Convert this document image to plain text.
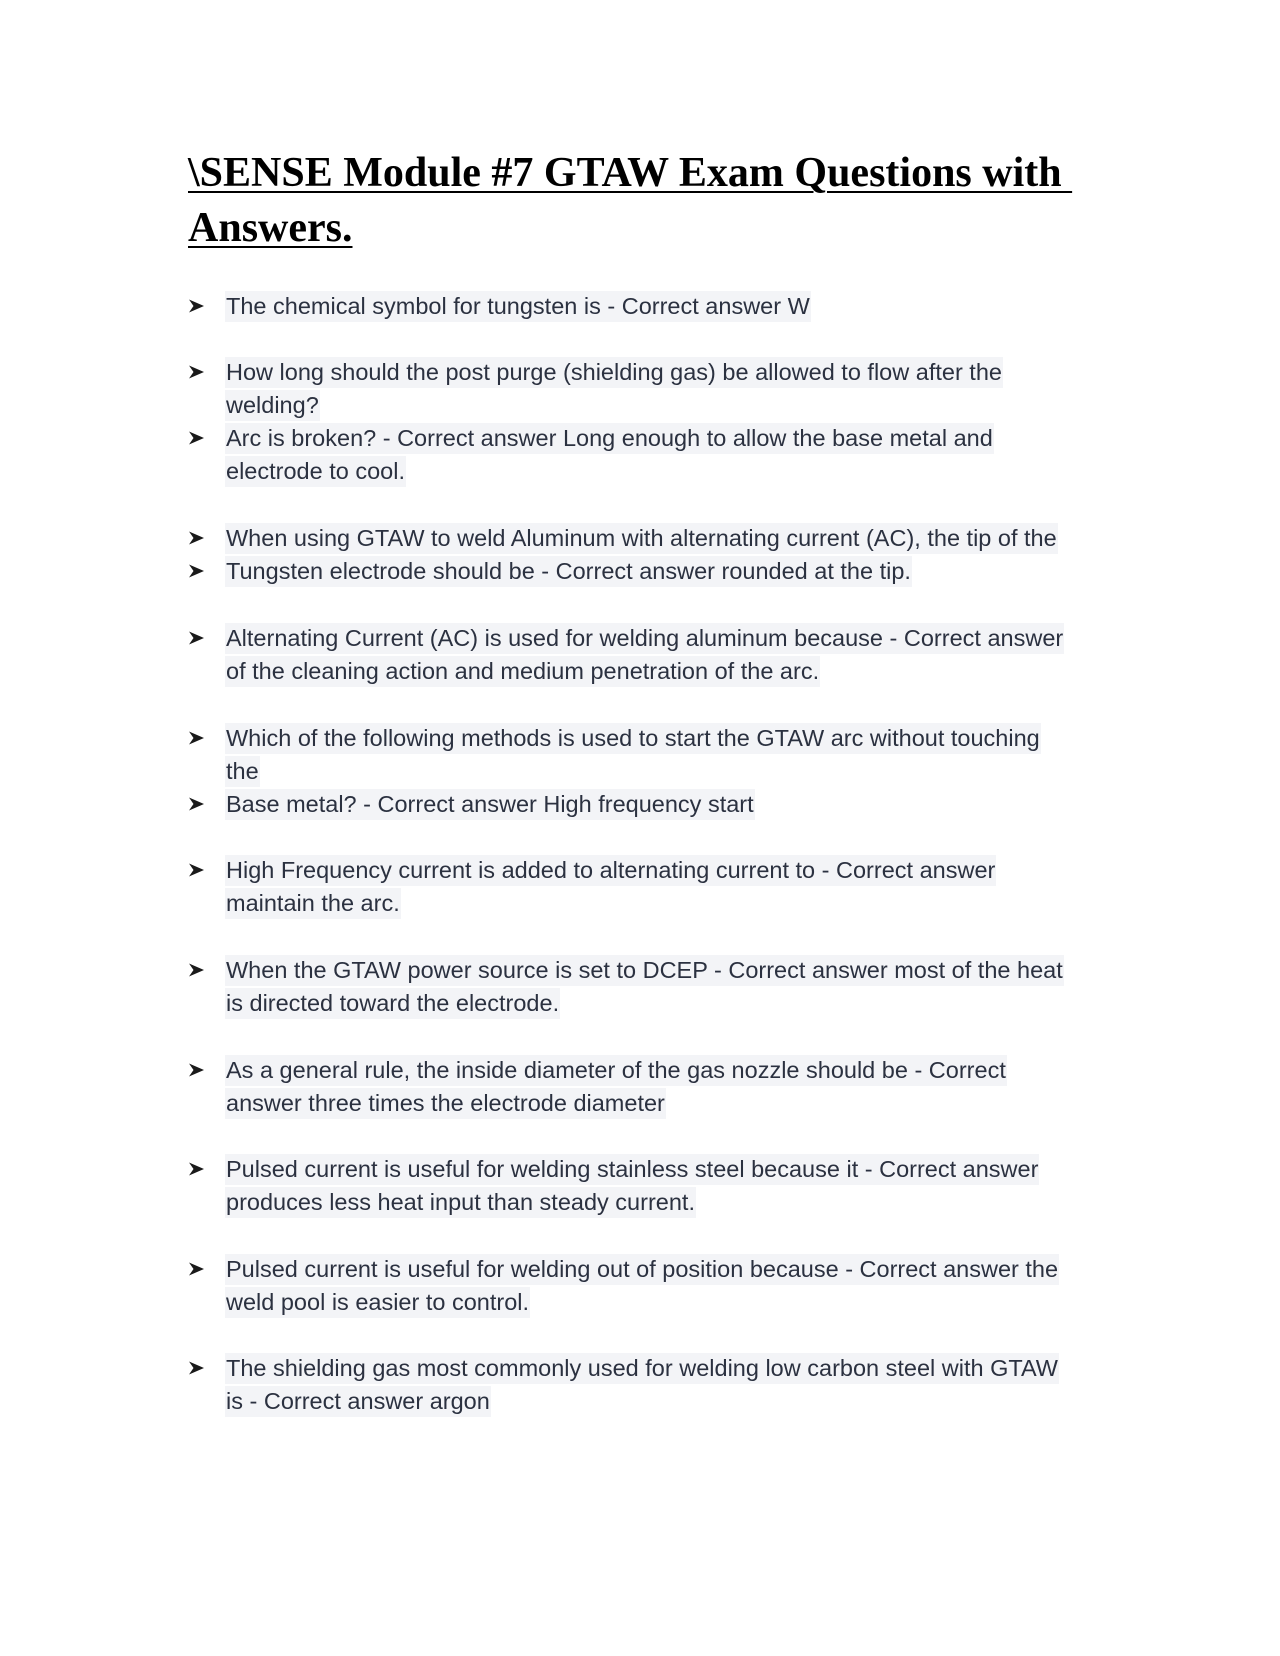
\SENSE Module #7 GTAW Exam Questions with
Answers.
The chemical symbol for tungsten is - Correct answer W
How long should the post purge (shielding gas) be allowed to flow after the
welding?
Arc is broken? - Correct answer Long enough to allow the base metal and
electrode to cool.
When using GTAW to weld Aluminum with alternating current (AC), the tip of the
Tungsten electrode should be - Correct answer rounded at the tip.
Alternating Current (AC) is used for welding aluminum because - Correct answer
of the cleaning action and medium penetration of the arc.
Which of the following methods is used to start the GTAW arc without touching
the
Base metal? - Correct answer High frequency start
High Frequency current is added to alternating current to - Correct answer
maintain the arc.
When the GTAW power source is set to DCEP - Correct answer most of the heat
is directed toward the electrode.
As a general rule, the inside diameter of the gas nozzle should be - Correct
answer three times the electrode diameter
Pulsed current is useful for welding stainless steel because it - Correct answer
produces less heat input than steady current.
Pulsed current is useful for welding out of position because - Correct answer the
weld pool is easier to control.
The shielding gas most commonly used for welding low carbon steel with GTAW
is - Correct answer argon
